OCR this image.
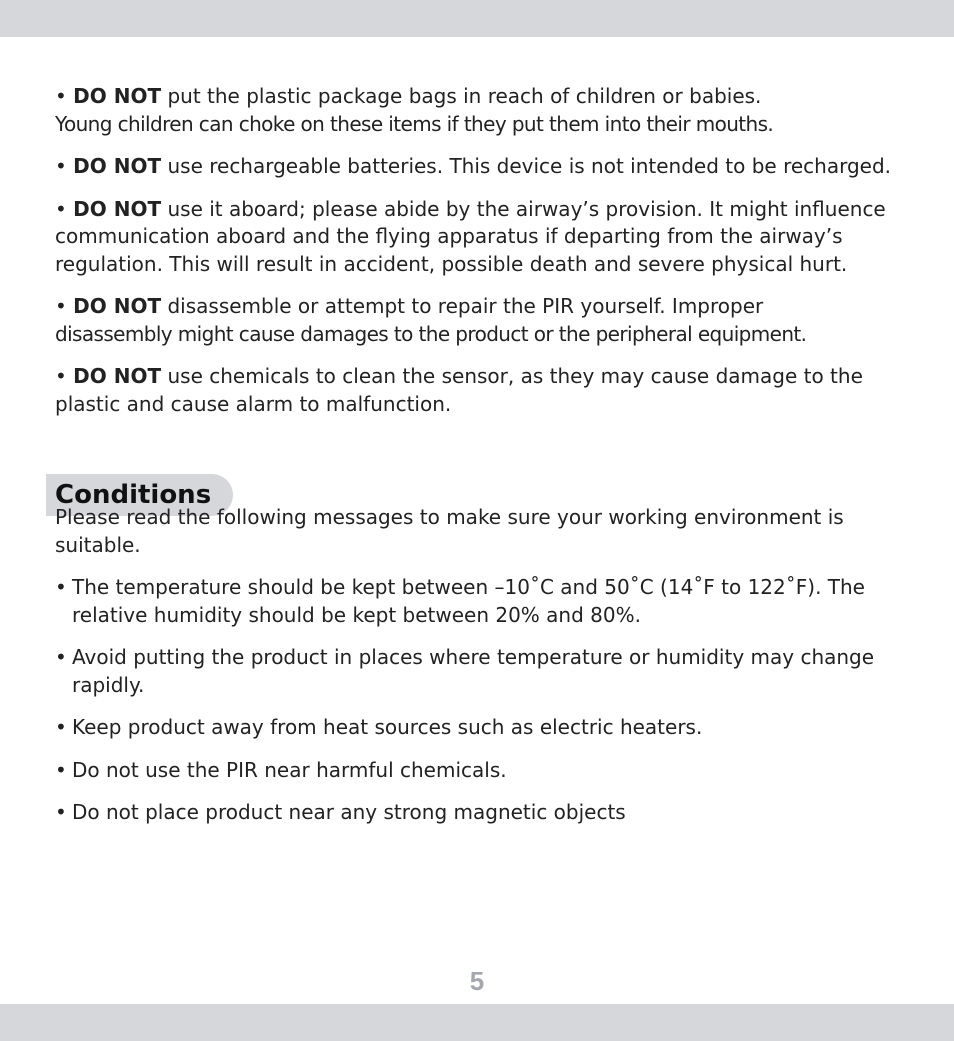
• DO NOT put the plastic package bags in reach of children or babies.
Young children can choke on these items if they put them into their mouths.

• DO NOT use rechargeable batteries. This device is not intended to be recharged.

• DO NOT use it aboard; please abide by the airway’s provision. It might influence communication aboard and the flying apparatus if departing from the airway’s regulation. This will result in accident, possible death and severe physical hurt.

• DO NOT disassemble or attempt to repair the PIR yourself. Improper
disassembly might cause damages to the product or the peripheral equipment.

• DO NOT use chemicals to clean the sensor, as they may cause damage to the plastic and cause alarm to malfunction.

Conditions

Please read the following messages to make sure your working environment is suitable.

• The temperature should be kept between –10˚C and 50˚C (14˚F to 122˚F). The relative humidity should be kept between 20% and 80%.
• Avoid putting the product in places where temperature or humidity may change rapidly.
• Keep product away from heat sources such as electric heaters.
• Do not use the PIR near harmful chemicals.
• Do not place product near any strong magnetic objects
5
